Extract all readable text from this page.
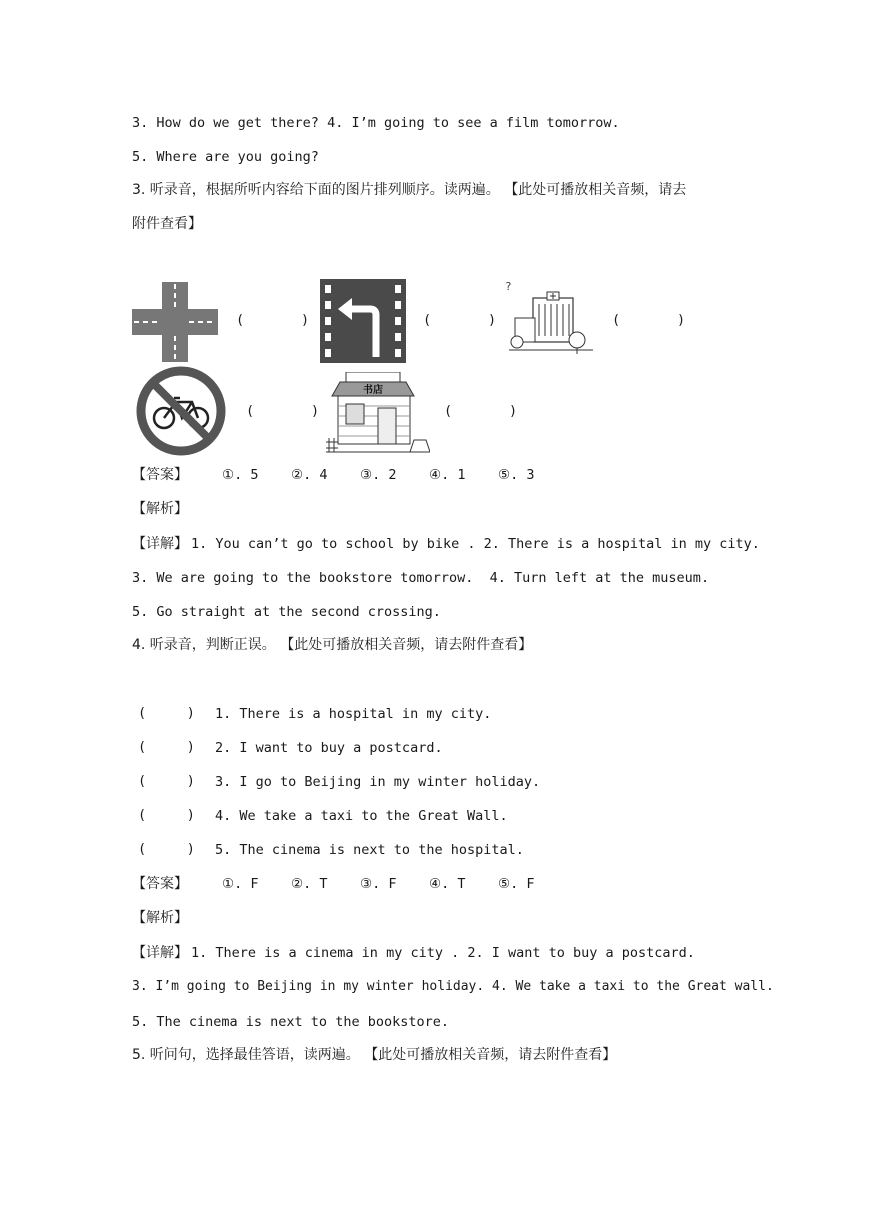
3. How do we get there? 4. I’m going to see a film tomorrow.
5. Where are you going?
3. 听录音，根据所听内容给下面的图片排列顺序。读两遍。 【此处可播放相关音频，请去
附件查看】
(       )	(       )
?
(       )
(       )
书店
(       )
【答案】	①. 5 ②. 4 ③. 2 ④. 1 ⑤. 3
【解析】
【详解】 1. You can’t go to school by bike . 2. There is a hospital in my city.
3. We are going to the bookstore tomorrow.  4. Turn left at the museum.
5. Go straight at the second crossing.
4. 听录音，判断正误。 【此处可播放相关音频，请去附件查看】
(     ) 1. There is a hospital in my city.
(     ) 2. I want to buy a postcard.
(     ) 3. I go to Beijing in my winter holiday.
(     ) 4. We take a taxi to the Great Wall.
(     ) 5. The cinema is next to the hospital.
【答案】	①. F ②. T ③. F ④. T ⑤. F
【解析】
【详解】 1. There is a cinema in my city . 2. I want to buy a postcard.
3. I’m going to Beijing in my winter holiday. 4. We take a taxi to the Great wall.
5. The cinema is next to the bookstore.
5. 听问句，选择最佳答语，读两遍。 【此处可播放相关音频，请去附件查看】
